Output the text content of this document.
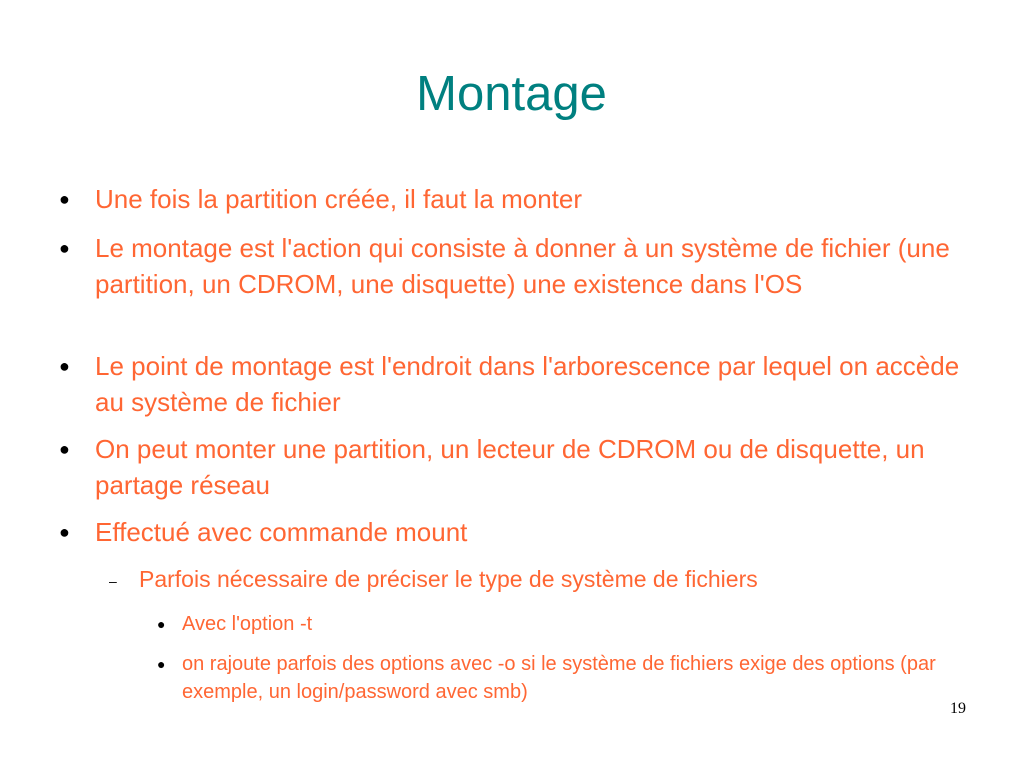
Montage
● Une fois la partition créée, il faut la monter
● Le montage est l'action qui consiste à donner à un système de fichier (une partition, un CDROM, une disquette) une existence dans l'OS
● Le point de montage est l'endroit dans l'arborescence par lequel on accède au système de fichier
● On peut monter une partition, un lecteur de CDROM ou de disquette, un partage réseau
● Effectué avec commande mount
– Parfois nécessaire de préciser le type de système de fichiers
● Avec l'option -t
● on rajoute parfois des options avec -o si le système de fichiers exige des options (par exemple, un login/password avec smb)
19
